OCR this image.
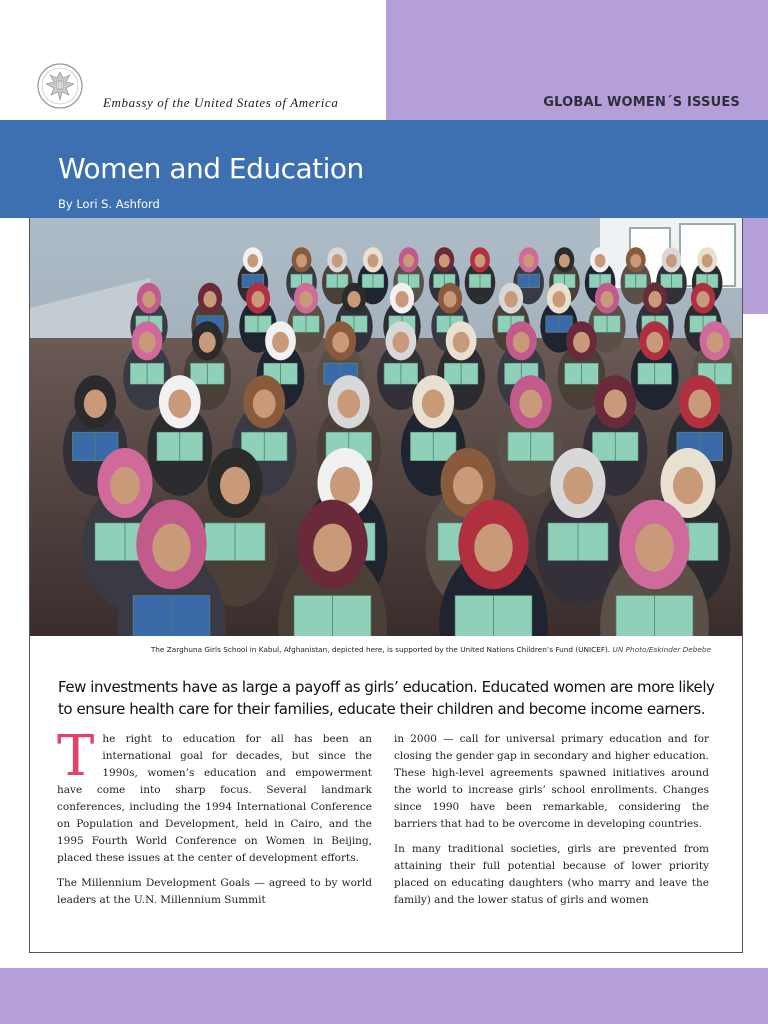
Embassy of the United States of America	GLOBAL WOMEN´S ISSUES
Women and Education
By Lori S. Ashford
The Zarghuna Girls School in Kabul, Afghanistan, depicted here, is supported by the United Nations Children’s Fund (UNICEF). UN Photo/Eskinder Debebe

Few investments have as large a payoff as girls’ education. Educated women are more likely to ensure health care for their families, educate their children and become income earners.

The right to education for all has been an international goal for decades, but since the 1990s, women’s education and empowerment have come into sharp focus. Several landmark conferences, including the 1994 International Conference on Population and Development, held in Cairo, and the 1995 Fourth World Conference on Women in Beijing, placed these issues at the center of development efforts.

The Millennium Development Goals — agreed to by world leaders at the U.N. Millennium Summit

in 2000 — call for universal primary education and for closing the gender gap in secondary and higher education. These high-level agreements spawned initiatives around the world to increase girls’ school enrollments. Changes since 1990 have been remarkable, considering the barriers that had to be overcome in developing countries.

In many traditional societies, girls are prevented from attaining their full potential because of lower priority placed on educating daughters (who marry and leave the family) and the lower status of girls and women
